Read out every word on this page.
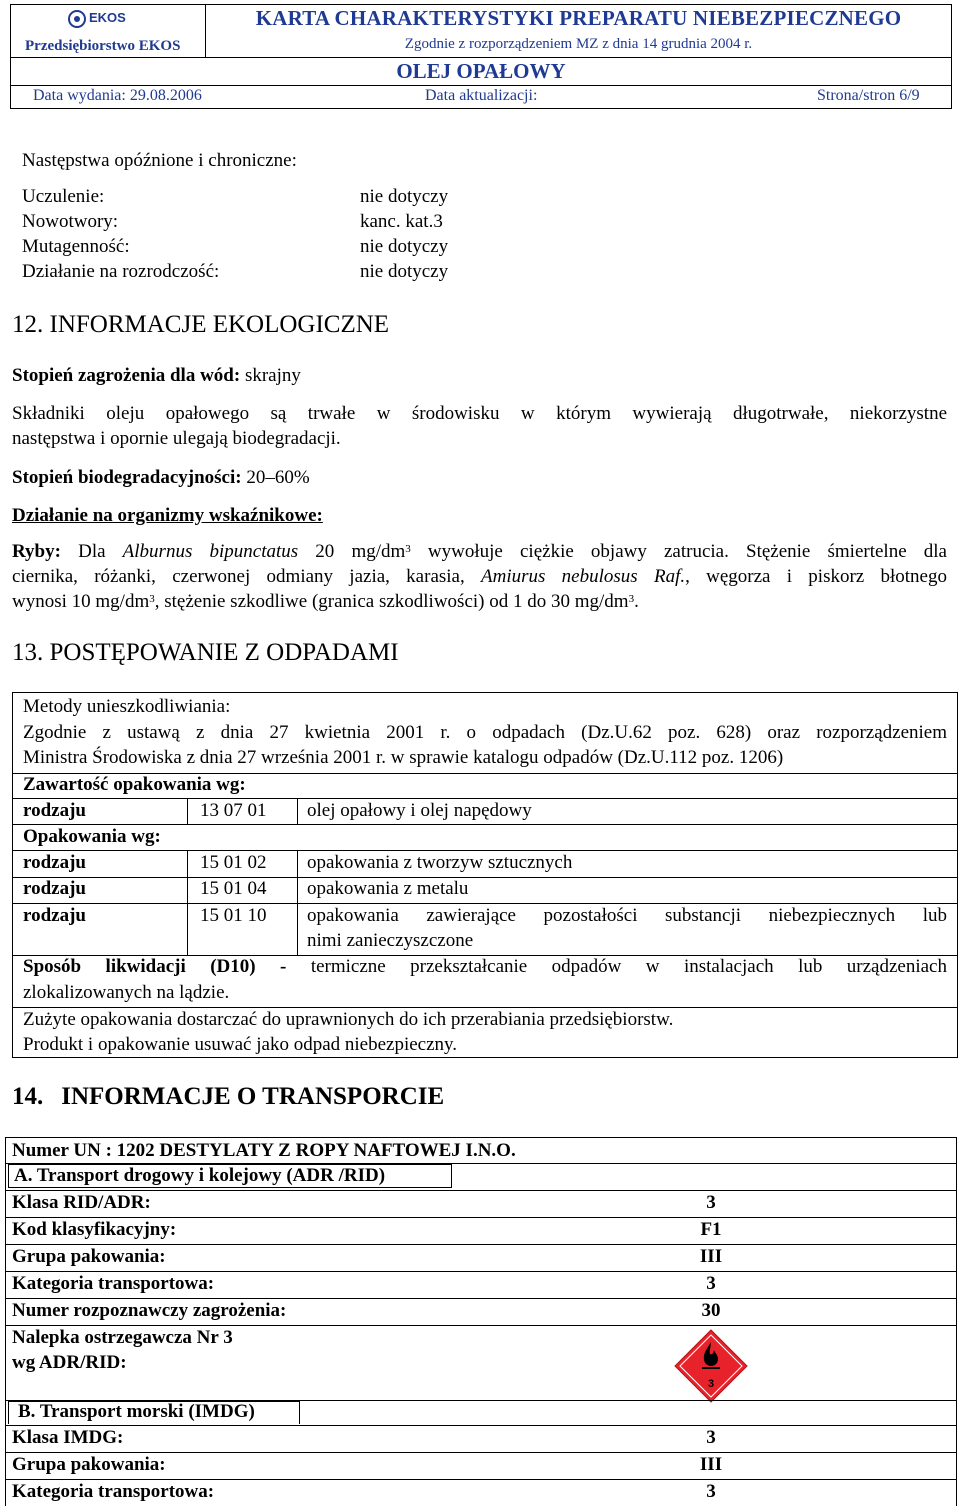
EKOS
Przedsiębiorstwo EKOS
KARTA CHARAKTERYSTYKI PREPARATU NIEBEZPIECZNEGO
Zgodnie z rozporządzeniem MZ z dnia 14 grudnia 2004 r.
OLEJ OPAŁOWY
Data wydania: 29.08.2006	Data aktualizacji:	Strona/stron 6/9
Następstwa opóźnione i chroniczne:
Uczulenie:	nie dotyczy
Nowotwory:	kanc. kat.3
Mutagenność:	nie dotyczy
Działanie na rozrodczość:	nie dotyczy
12. INFORMACJE EKOLOGICZNE
Stopień zagrożenia dla wód: skrajny
Składniki oleju opałowego są trwałe w środowisku w którym wywierają długotrwałe, niekorzystne
następstwa i opornie ulegają biodegradacji.
Stopień biodegradacyjności: 20–60%
Działanie na organizmy wskaźnikowe:
Ryby: Dla Alburnus bipunctatus 20 $mg/dm^3$ wywołuje ciężkie objawy zatrucia. Stężenie śmiertelne dla
ciernika, różanki, czerwonej odmiany jazia, karasia, Amiurus nebulosus Raf., węgorza i piskorz błotnego
wynosi 10 $mg/dm^3$, stężenie szkodliwe (granica szkodliwości) od 1 do 30 $mg/dm^3$.
13. POSTĘPOWANIE Z ODPADAMI
Metody unieszkodliwiania:
Zgodnie z ustawą z dnia 27 kwietnia 2001 r. o odpadach (Dz.U.62 poz. 628) oraz rozporządzeniem
Ministra Środowiska z dnia 27 września 2001 r. w sprawie katalogu odpadów (Dz.U.112 poz. 1206)
Zawartość opakowania wg:
rodzaju	13 07 01 olej opałowy i olej napędowy
Opakowania wg:
rodzaju	15 01 02 opakowania z tworzyw sztucznych
rodzaju	15 01 04 opakowania z metalu
rodzaju	15 01 10 opakowania zawierające pozostałości substancji niebezpiecznych lub
nimi zanieczyszczone
Sposób likwidacji (D10) - termiczne przekształcanie odpadów w instalacjach lub urządzeniach
zlokalizowanych na lądzie.
Zużyte opakowania dostarczać do uprawnionych do ich przerabiania przedsiębiorstw.
Produkt i opakowanie usuwać jako odpad niebezpieczny.
14. INFORMACJE O TRANSPORCIE
Numer UN : 1202 DESTYLATY Z ROPY NAFTOWEJ I.N.O.
A. Transport drogowy i kolejowy (ADR /RID)
Klasa RID/ADR:	3
Kod klasyfikacyjny:	F1
Grupa pakowania:	III
Kategoria transportowa:	3
Numer rozpoznawczy zagrożenia:	30
Nalepka ostrzegawcza Nr 3
wg ADR/RID:
3
B. Transport morski (IMDG)
Klasa IMDG:	3
Grupa pakowania:	III
Kategoria transportowa:	3
